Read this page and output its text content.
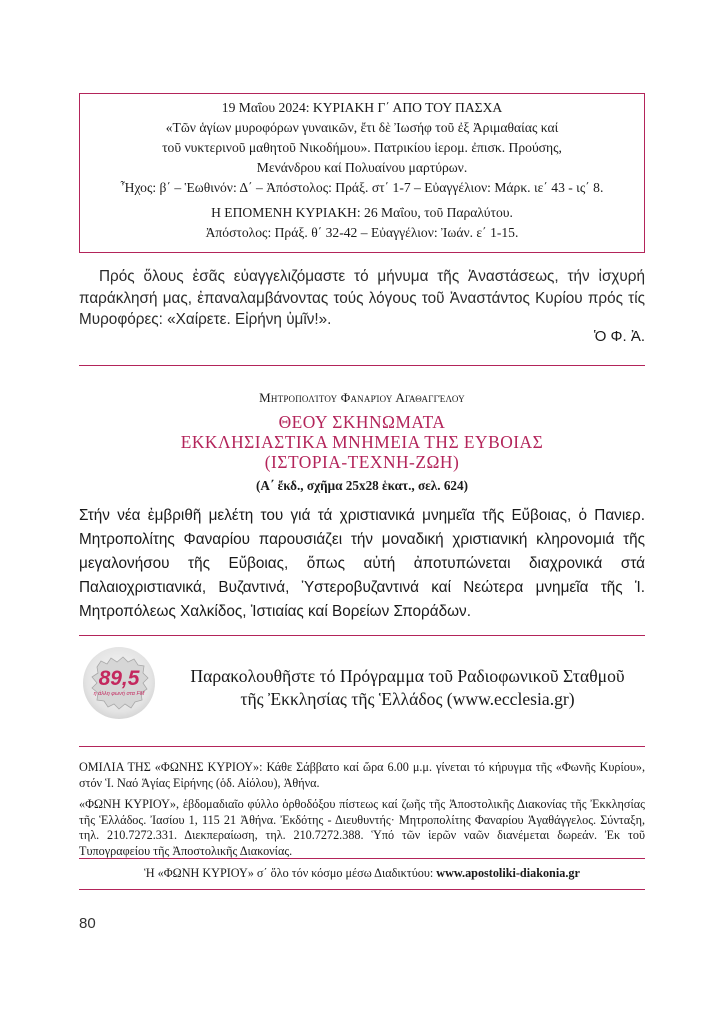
19 Μαΐου 2024: ΚΥΡΙΑΚΗ Γ΄ ΑΠΟ ΤΟΥ ΠΑΣΧΑ
«Τῶν ἁγίων μυροφόρων γυναικῶν, ἔτι δὲ Ἰωσήφ τοῦ ἐξ Ἀριμαθαίας καί
τοῦ νυκτερινοῦ μαθητοῦ Νικοδήμου». Πατρικίου ἱερομ. ἐπισκ. Προύσης,
Μενάνδρου καί Πολυαίνου μαρτύρων.
Ἦχος: β΄ – Ἑωθινόν: Δ΄ – Ἀπόστολος: Πράξ. στ΄ 1-7 – Εὐαγγέλιον: Μάρκ. ιε΄ 43 - ις΄ 8.
Η ΕΠΟΜΕΝΗ ΚΥΡΙΑΚΗ: 26 Μαΐου, τοῦ Παραλύτου.
Ἀπόστολος: Πράξ. θ΄ 32-42 – Εὐαγγέλιον: Ἰωάν. ε΄ 1-15.

Πρός ὅλους ἐσᾶς εὐαγγελιζόμαστε τό μήνυμα τῆς Ἀναστάσεως, τήν ἰσχυρή παράκλησή μας, ἐπαναλαμβάνοντας τούς λόγους τοῦ Ἀναστάντος Κυρίου πρός τίς Μυροφόρες: «Χαίρετε. Εἰρήνη ὑμῖν!».

Ὁ Φ. Ἀ.
Μητροπολίτου Φαναρίου Αγαθαγγέλου
ΘΕΟΥ ΣΚΗΝΩΜΑΤΑ
ΕΚΚΛΗΣΙΑΣΤΙΚΑ ΜΝΗΜΕΙΑ ΤΗΣ ΕΥΒΟΙΑΣ
(ΙΣΤΟΡΙΑ-ΤΕΧΝΗ-ΖΩΗ)
(Α΄ ἔκδ., σχῆμα 25x28 ἑκατ., σελ. 624)
Στήν νέα ἐμβριθῆ μελέτη του γιά τά χριστιανικά μνημεῖα τῆς Εὔβοιας, ὁ Πανιερ. Μητροπολίτης Φαναρίου παρουσιάζει τήν μοναδική χριστιανική κληρονομιά τῆς μεγαλονήσου τῆς Εὔβοιας, ὅπως αὐτή ἀποτυπώνεται διαχρονικά στά Παλαιοχριστιανικά, Βυζαντινά, Ὑστεροβυζαντινά καί Νεώτερα μνημεῖα τῆς Ἱ. Μητροπόλεως Χαλκίδος, Ἰστιαίας καί Βορείων Σποράδων.
89,5
η άλλη φωνή στα FM
Παρακολουθῆστε τό Πρόγραμμα τοῦ Ραδιοφωνικοῦ Σταθμοῦ
τῆς Ἐκκλησίας τῆς Ἑλλάδος (www.ecclesia.gr)
ΟΜΙΛΙΑ ΤΗΣ «ΦΩΝΗΣ ΚΥΡΙΟΥ»: Κάθε Σάββατο καί ὥρα 6.00 μ.μ. γίνεται τό κήρυγμα τῆς «Φωνῆς Κυρίου», στόν Ἱ. Ναό Ἁγίας Εἰρήνης (ὁδ. Αἰόλου), Ἀθήνα.
«ΦΩΝΗ ΚΥΡΙΟΥ», ἑβδομαδιαῖο φύλλο ὀρθοδόξου πίστεως καί ζωῆς τῆς Ἀποστολικῆς Διακονίας τῆς Ἐκκλησίας τῆς Ἑλλάδος. Ἰασίου 1, 115 21 Ἀθήνα. Ἐκδότης - Διευθυντής· Μητροπολίτης Φαναρίου Ἀγαθάγγελος. Σύνταξη, τηλ. 210.7272.331. Διεκπεραίωση, τηλ. 210.7272.388. Ὑπό τῶν ἱερῶν ναῶν διανέμεται δωρεάν. Ἐκ τοῦ Τυπογραφείου τῆς Ἀποστολικῆς Διακονίας.
Ἡ «ΦΩΝΗ ΚΥΡΙΟΥ» σ΄ ὅλο τόν κόσμο μέσω Διαδικτύου: www.apostoliki-diakonia.gr
80
